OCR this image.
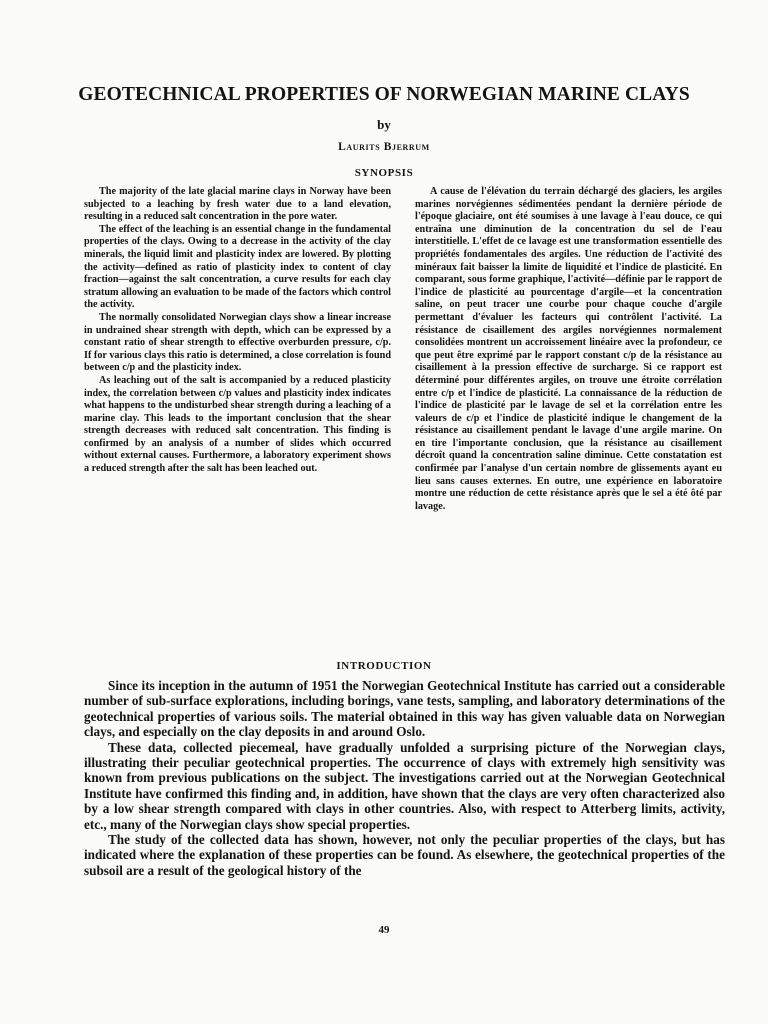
GEOTECHNICAL PROPERTIES OF NORWEGIAN MARINE CLAYS
by
Laurits Bjerrum
SYNOPSIS

The majority of the late glacial marine clays in Norway have been subjected to a leaching by fresh water due to a land elevation, resulting in a reduced salt concentration in the pore water.

The effect of the leaching is an essential change in the fundamental properties of the clays. Owing to a decrease in the activity of the clay minerals, the liquid limit and plasticity index are lowered. By plotting the activity—defined as ratio of plasticity index to content of clay fraction—against the salt concentration, a curve results for each clay stratum allowing an evaluation to be made of the factors which control the activity.

The normally consolidated Norwegian clays show a linear increase in undrained shear strength with depth, which can be expressed by a constant ratio of shear strength to effective overburden pressure, c/p. If for various clays this ratio is determined, a close correlation is found between c/p and the plasticity index.

As leaching out of the salt is accompanied by a reduced plasticity index, the correlation between c/p values and plasticity index indicates what happens to the undisturbed shear strength during a leaching of a marine clay. This leads to the important conclusion that the shear strength decreases with reduced salt concentration. This finding is confirmed by an analysis of a number of slides which occurred without external causes. Furthermore, a laboratory experiment shows a reduced strength after the salt has been leached out.

A cause de l'élévation du terrain déchargé des glaciers, les argiles marines norvégiennes sédimentées pendant la dernière période de l'époque glaciaire, ont été soumises à une lavage à l'eau douce, ce qui entraîna une diminution de la concentration du sel de l'eau interstitielle. L'effet de ce lavage est une transformation essentielle des propriétés fondamentales des argiles. Une réduction de l'activité des minéraux fait baisser la limite de liquidité et l'indice de plasticité. En comparant, sous forme graphique, l'activité—définie par le rapport de l'indice de plasticité au pourcentage d'argile—et la concentration saline, on peut tracer une courbe pour chaque couche d'argile permettant d'évaluer les facteurs qui contrôlent l'activité. La résistance de cisaillement des argiles norvégiennes normalement consolidées montrent un accroissement linéaire avec la profondeur, ce que peut être exprimé par le rapport constant c/p de la résistance au cisaillement à la pression effective de surcharge. Si ce rapport est déterminé pour différentes argiles, on trouve une étroite corrélation entre c/p et l'indice de plasticité. La connaissance de la réduction de l'indice de plasticité par le lavage de sel et la corrélation entre les valeurs de c/p et l'indice de plasticité indique le changement de la résistance au cisaillement pendant le lavage d'une argile marine. On en tire l'importante conclusion, que la résistance au cisaillement décroît quand la concentration saline diminue. Cette constatation est confirmée par l'analyse d'un certain nombre de glissements ayant eu lieu sans causes externes. En outre, une expérience en laboratoire montre une réduction de cette résistance après que le sel a été ôté par lavage.

INTRODUCTION

Since its inception in the autumn of 1951 the Norwegian Geotechnical Institute has carried out a considerable number of sub-surface explorations, including borings, vane tests, sampling, and laboratory determinations of the geotechnical properties of various soils. The material obtained in this way has given valuable data on Norwegian clays, and especially on the clay deposits in and around Oslo.

These data, collected piecemeal, have gradually unfolded a surprising picture of the Norwegian clays, illustrating their peculiar geotechnical properties. The occurrence of clays with extremely high sensitivity was known from previous publications on the subject. The investigations carried out at the Norwegian Geotechnical Institute have confirmed this finding and, in addition, have shown that the clays are very often characterized also by a low shear strength compared with clays in other countries. Also, with respect to Atterberg limits, activity, etc., many of the Norwegian clays show special properties.

The study of the collected data has shown, however, not only the peculiar properties of the clays, but has indicated where the explanation of these properties can be found. As elsewhere, the geotechnical properties of the subsoil are a result of the geological history of the

49
